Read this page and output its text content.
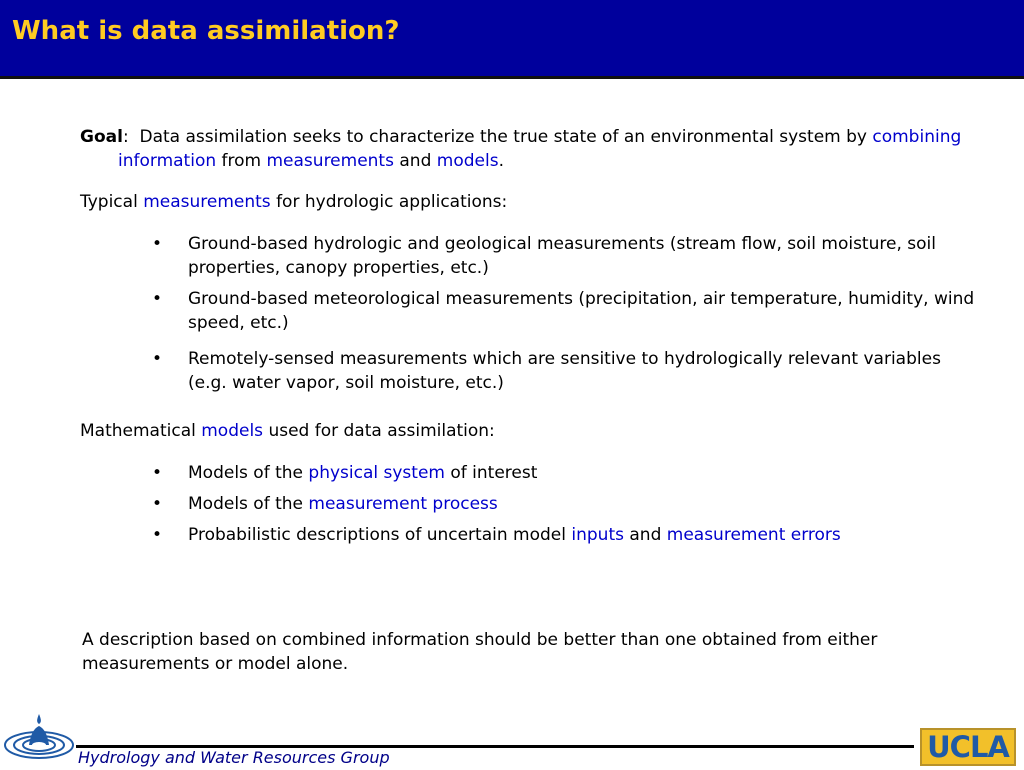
What is data assimilation?

Goal:  Data assimilation seeks to characterize the true state of an environmental system by combining information from measurements and models.

Typical measurements for hydrologic applications:

• Ground-based hydrologic and geological measurements (stream flow, soil moisture, soil properties, canopy properties, etc.)
• Ground-based meteorological measurements (precipitation, air temperature, humidity, wind speed, etc.)
• Remotely-sensed measurements which are sensitive to hydrologically relevant variables (e.g. water vapor, soil moisture, etc.)

Mathematical models used for data assimilation:

• Models of the physical system of interest
• Models of the measurement process
• Probabilistic descriptions of uncertain model inputs and measurement errors

A description based on combined information should be better than one obtained from either measurements or model alone.

Hydrology and Water Resources Group	UCLA
